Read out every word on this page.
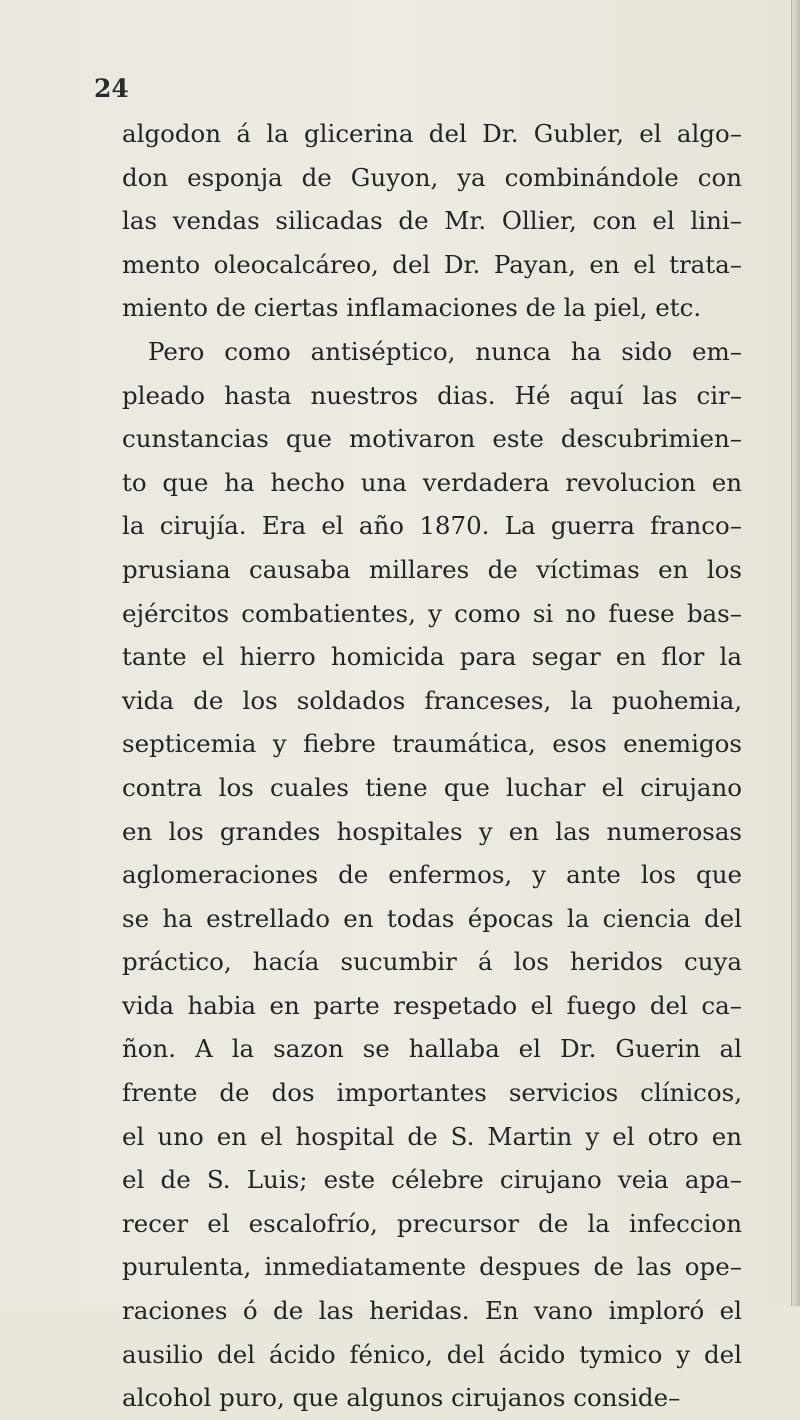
24
algodon á la glicerina del Dr. Gubler, el algo–
don esponja de Guyon, ya combinándole con
las vendas silicadas de Mr. Ollier, con el lini–
mento oleocalcáreo, del Dr. Payan, en el trata–
miento de ciertas inflamaciones de la piel, etc.
Pero como antiséptico, nunca ha sido em–
pleado hasta nuestros dias. Hé aquí las cir–
cunstancias que motivaron este descubrimien–
to que ha hecho una verdadera revolucion en
la cirujía. Era el año 1870. La guerra franco–
prusiana causaba millares de víctimas en los
ejércitos combatientes, y como si no fuese bas–
tante el hierro homicida para segar en flor la
vida de los soldados franceses, la puohemia,
septicemia y fiebre traumática, esos enemigos
contra los cuales tiene que luchar el cirujano
en los grandes hospitales y en las numerosas
aglomeraciones de enfermos, y ante los que
se ha estrellado en todas épocas la ciencia del
práctico, hacía sucumbir á los heridos cuya
vida habia en parte respetado el fuego del ca–
ñon. A la sazon se hallaba el Dr. Guerin al
frente de dos importantes servicios clínicos,
el uno en el hospital de S. Martin y el otro en
el de S. Luis; este célebre cirujano veia apa–
recer el escalofrío, precursor de la infeccion
purulenta, inmediatamente despues de las ope–
raciones ó de las heridas. En vano imploró el
ausilio del ácido fénico, del ácido tymico y del
alcohol puro, que algunos cirujanos conside–
